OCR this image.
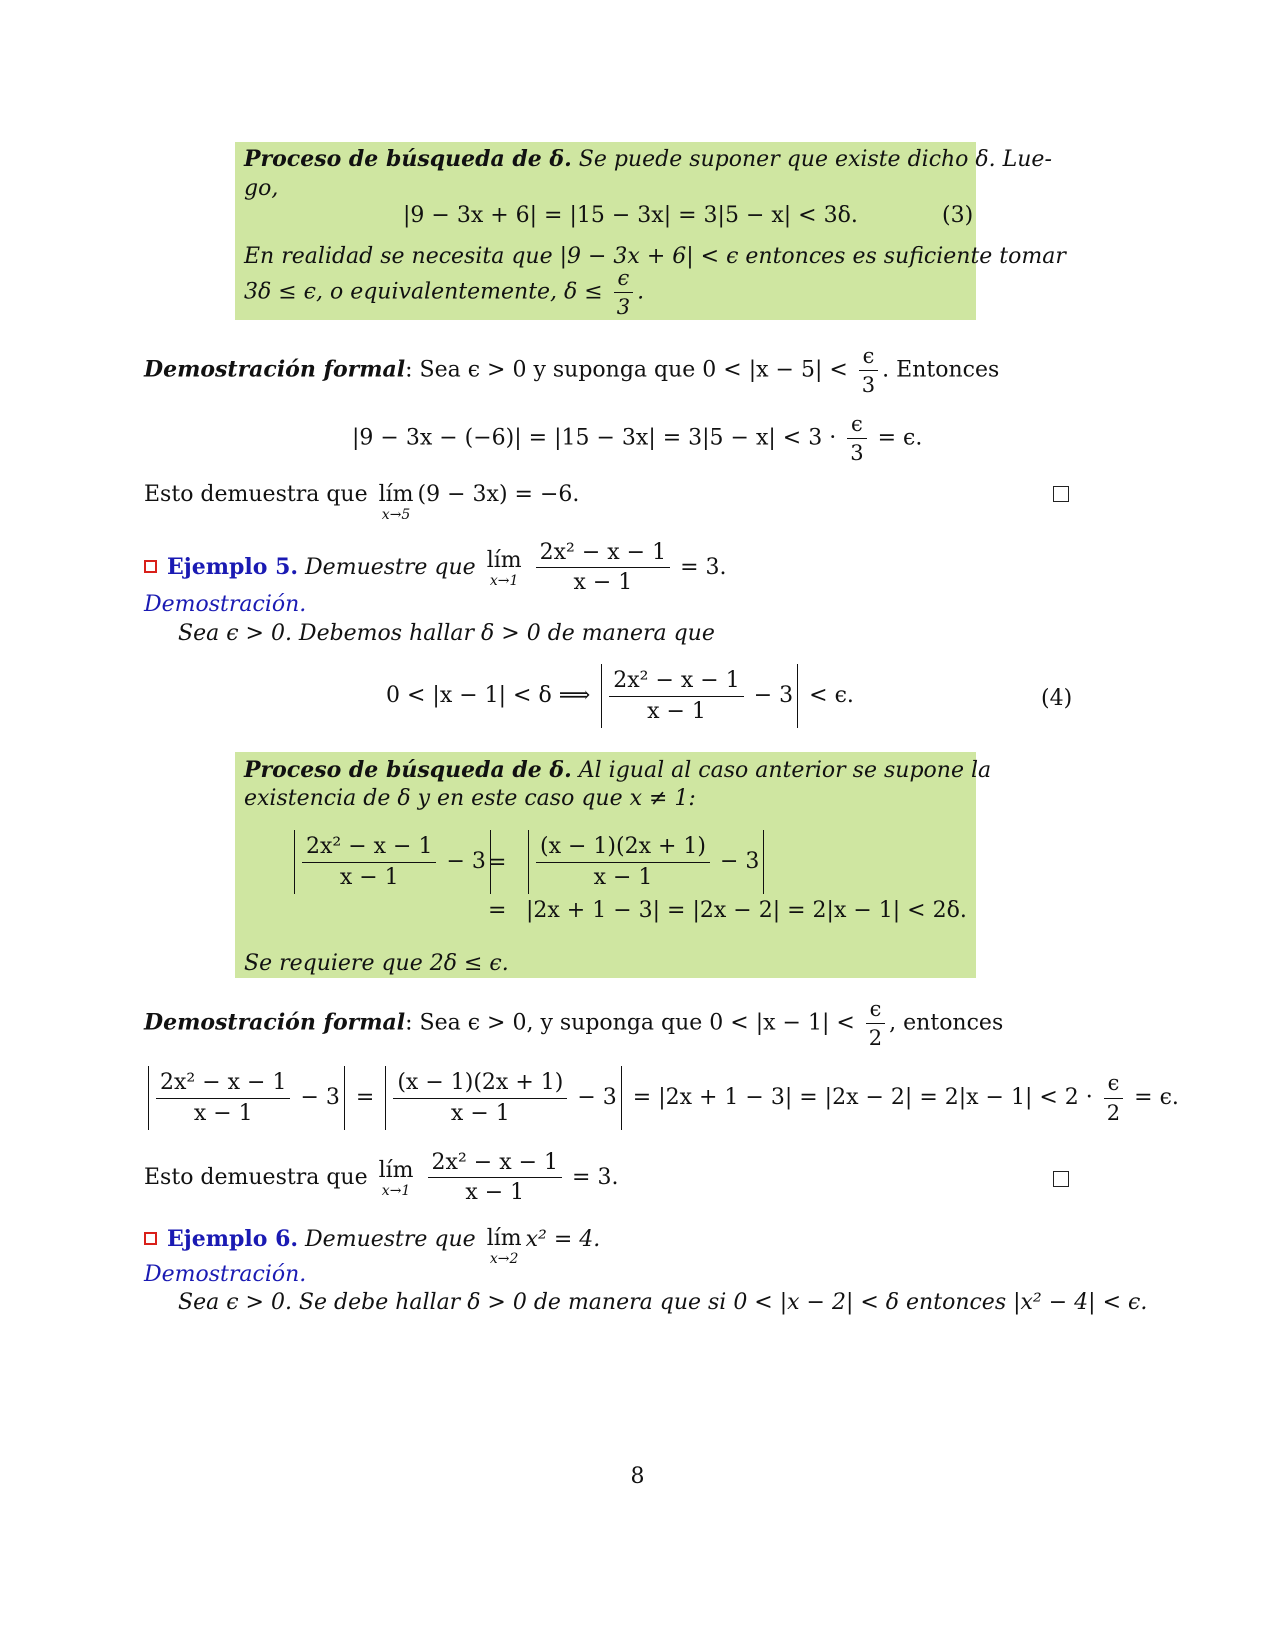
Proceso de búsqueda de δ. Se puede suponer que existe dicho δ. Lue-
go,
|9 − 3x + 6| = |15 − 3x| = 3|5 − x| < 3δ.	(3)
En realidad se necesita que |9 − 3x + 6| < ϵ entonces es suficiente tomar
3δ ≤ ϵ, o equivalentemente, $\delta \le \frac{\epsilon}{3}$ .
Demostración formal: Sea ϵ > 0 y suponga que $0 < |x - 5| < \frac{\epsilon}{3}$ . Entonces
$|9 - 3x - (-6)| = |15 - 3x| = 3|5 - x| < 3 \cdot \frac{\epsilon}{3} = \epsilon$.
Esto demuestra que lím
x→5
(9 − 3x) = −6.
Ejemplo 5. Demuestre que lím
x→1
$\frac{\text{2x² − x − 1}}{x - 1} = 3$.
Demostración.
Sea ϵ > 0. Debemos hallar δ > 0 de manera que
0 < |x − 1| < δ ⟹ $\frac{\text{2x² − x − 1}}{x - 1} - 3 < \epsilon$.	(4)
Proceso de búsqueda de δ. Al igual al caso anterior se supone la
existencia de δ y en este caso que x ≠ 1:
$\frac{\text{2x² − x − 1}}{x - 1} - 3 = \frac{(x - 1)(2x + 1)}{x - 1} - 3$
= |2x + 1 − 3| = |2x − 2| = 2|x − 1| < 2δ.
Se requiere que 2δ ≤ ϵ.
Demostración formal: Sea ϵ > 0, y suponga que $0 < |x - 1| < \frac{\epsilon}{2}$ , entonces
$\frac{\text{2x² − x − 1}}{x - 1} - 3 = \frac{(x - 1)(2x + 1)}{x - 1} - 3 = |2x + 1 - 3| = |2x - 2| = 2|x - 1| < 2 \cdot \frac{\epsilon}{2} = \epsilon$.
Esto demuestra que lím
x→1
$\frac{\text{2x² − x − 1}}{x - 1} = 3$.
Ejemplo 6. Demuestre que lím
x→2
x² = 4.
Demostración.
Sea ϵ > 0. Se debe hallar δ > 0 de manera que si 0 < |x − 2| < δ entonces |x² − 4| < ϵ.
8
